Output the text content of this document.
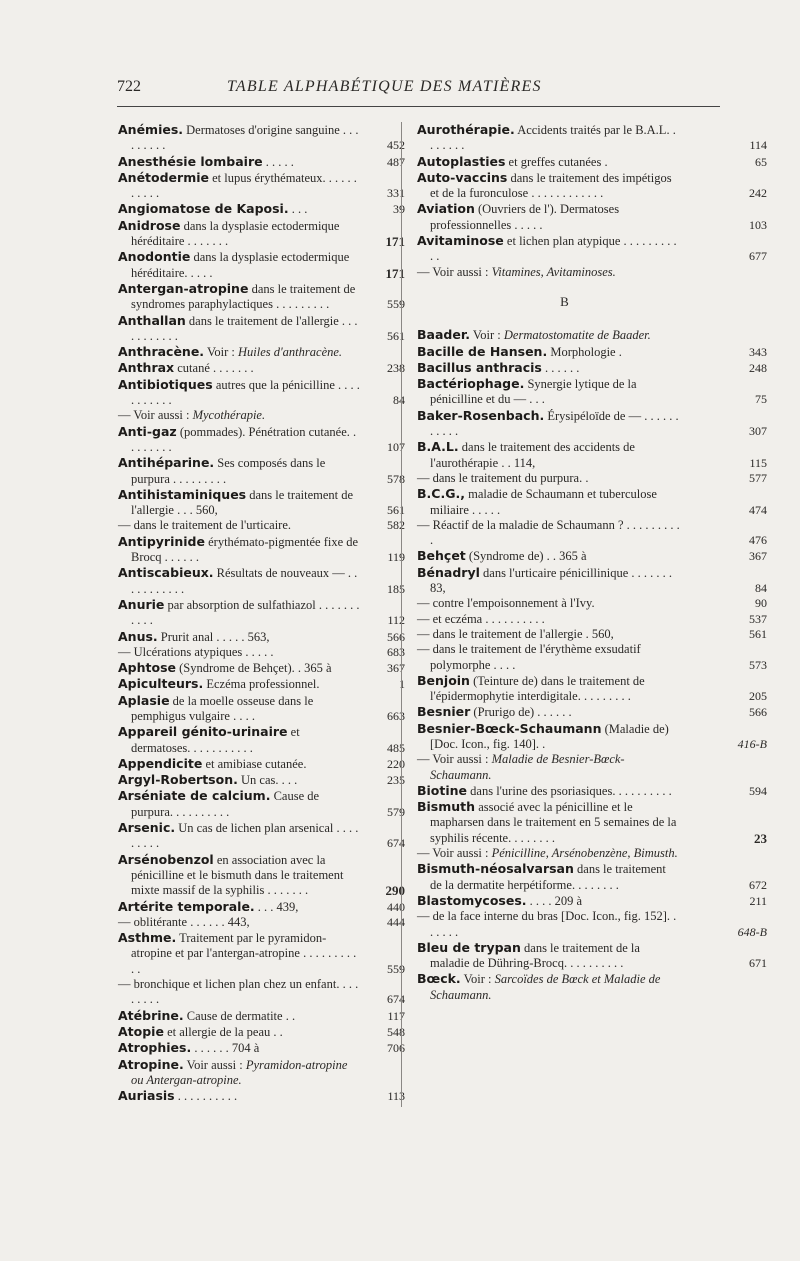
722	TABLE ALPHABÉTIQUE DES MATIÈRES
Anémies. Dermatoses d'origine sanguine . . . . . . . . .	452
Anesthésie lombaire . . . . .	487
Anétodermie et lupus érythémateux. . . . . . . . . . .	331
Angiomatose de Kaposi. . . .	39
Anidrose dans la dysplasie ectodermique héréditaire . . . . . . .	171
Anodontie dans la dysplasie ectodermique héréditaire. . . . .	171
Antergan-atropine dans le traitement de syndromes paraphylactiques . . . . . . . . .	559
Anthallan dans le traitement de l'allergie . . . . . . . . . . .	561
Anthracène. Voir : Huiles d'anthracène.
Anthrax cutané . . . . . . .	238
Antibiotiques autres que la pénicilline . . . . . . . . . . .	84
— Voir aussi : Mycothérapie.
Anti-gaz (pommades). Pénétration cutanée. . . . . . . . .	107
Antihéparine. Ses composés dans le purpura . . . . . . . . .	578
Antihistaminiques dans le traitement de l'allergie . . . 560,	561
— dans le traitement de l'urticaire.	582
Antipyrinide érythémato-pigmentée fixe de Brocq . . . . . .	119
Antiscabieux. Résultats de nouveaux — . . . . . . . . . . .	185
Anurie par absorption de sulfathiazol . . . . . . . . . . .	112
Anus. Prurit anal . . . . . 563,	566
— Ulcérations atypiques . . . . .	683
Aphtose (Syndrome de Behçet). . 365 à	367
Apiculteurs. Eczéma professionnel.	1
Aplasie de la moelle osseuse dans le pemphigus vulgaire . . . .	663
Appareil génito-urinaire et dermatoses. . . . . . . . . . .	485
Appendicite et amibiase cutanée.	220
Argyl-Robertson. Un cas. . . .	235
Arséniate de calcium. Cause de purpura. . . . . . . . . .	579
Arsenic. Un cas de lichen plan arsenical . . . . . . . . .	674
Arsénobenzol en association avec la pénicilline et le bismuth dans le traitement mixte massif de la syphilis . . . . . . .	290
Artérite temporale. . . . 439,	440
— oblitérante . . . . . . 443,	444
Asthme. Traitement par le pyramidon-atropine et par l'antergan-atropine . . . . . . . . . . .	559
— bronchique et lichen plan chez un enfant. . . . . . . . .	674
Atébrine. Cause de dermatite . .	117
Atopie et allergie de la peau . .	548
Atrophies. . . . . . . 704 à	706
Atropine. Voir aussi : Pyramidon-atropine ou Antergan-atropine.
Auriasis . . . . . . . . . .	113
Aurothérapie. Accidents traités par le B.A.L. . . . . . . .	114
Autoplasties et greffes cutanées .	65
Auto-vaccins dans le traitement des impétigos et de la furonculose . . . . . . . . . . . .	242
Aviation (Ouvriers de l'). Dermatoses professionnelles . . . . .	103
Avitaminose et lichen plan atypique . . . . . . . . . . .	677
— Voir aussi : Vitamines, Avitaminoses.
B
Baader. Voir : Dermatostomatite de Baader.
Bacille de Hansen. Morphologie .	343
Bacillus anthracis . . . . . .	248
Bactériophage. Synergie lytique de la pénicilline et du — . . .	75
Baker-Rosenbach. Érysipéloïde de — . . . . . . . . . . .	307
B.A.L. dans le traitement des accidents de l'aurothérapie . . 114,	115
— dans le traitement du purpura. .	577
B.C.G., maladie de Schaumann et tuberculose miliaire . . . . .	474
— Réactif de la maladie de Schaumann ? . . . . . . . . . .	476
Behçet (Syndrome de) . . 365 à	367
Bénadryl dans l'urticaire pénicillinique . . . . . . . 83,	84
— contre l'empoisonnement à l'Ivy.	90
— et eczéma . . . . . . . . . .	537
— dans le traitement de l'allergie . 560,	561
— dans le traitement de l'érythème exsudatif polymorphe . . . .	573
Benjoin (Teinture de) dans le traitement de l'épidermophytie interdigitale. . . . . . . . .	205
Besnier (Prurigo de) . . . . . .	566
Besnier-Bœck-Schaumann (Maladie de) [Doc. Icon., fig. 140]. .	416-B
— Voir aussi : Maladie de Besnier-Bœck-Schaumann.
Biotine dans l'urine des psoriasiques. . . . . . . . . .	594
Bismuth associé avec la pénicilline et le mapharsen dans le traitement en 5 semaines de la syphilis récente. . . . . . . .	23
— Voir aussi : Pénicilline, Arsénobenzène, Bimusth.
Bismuth-néosalvarsan dans le traitement de la dermatite herpétiforme. . . . . . . .	672
Blastomycoses. . . . . 209 à	211
— de la face interne du bras [Doc. Icon., fig. 152]. . . . . . .	648-B
Bleu de trypan dans le traitement de la maladie de Dühring-Brocq. . . . . . . . . .	671
Bœck. Voir : Sarcoïdes de Bœck et Maladie de Schaumann.
